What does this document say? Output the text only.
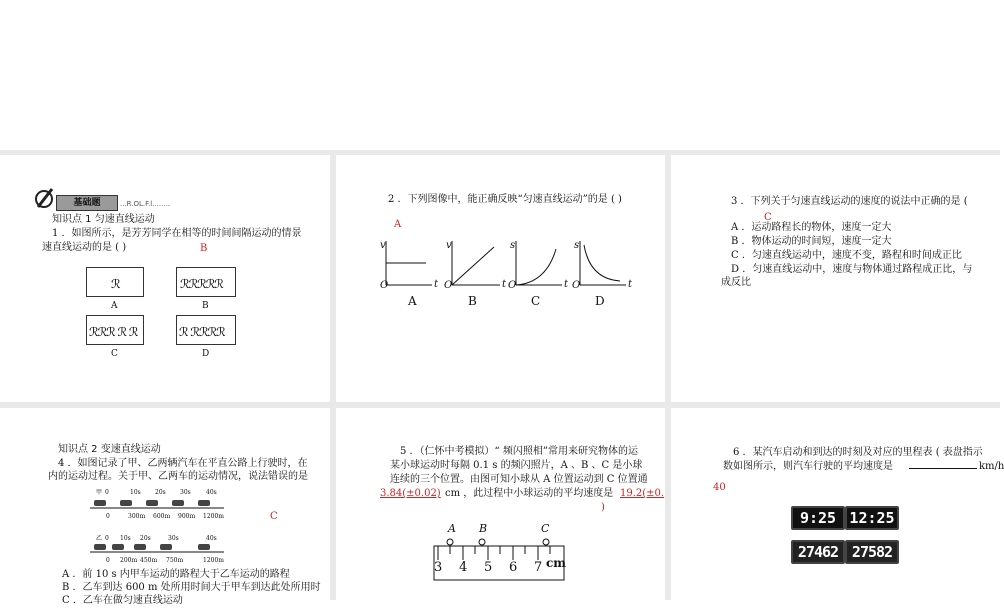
基础题	...R.OL.F.l........
知识点 1 匀速直线运动
1 ．如图所示，是芳芳同学在相等的时间间隔运动的情景
速直线运动的是 ( )	B
ℛ
A
ℛℛℛℛℛ
B
ℛℛℛ ℛ ℛ
C
ℛ ℛℛℛℛ
D
2 ．下列图像中，能正确反映“匀速直线运动”的是 ( )
A
v
t
O
v
t
O
s
t
O
s
t
O
A	B	C	D
3 ．下列关于匀速直线运动的速度的说法中正确的是 (
C
A ．运动路程长的物体，速度一定大
B ．物体运动的时间短，速度一定大
C ．匀速直线运动中，速度不变，路程和时间成正比
D ．匀速直线运动中，速度与物体通过路程成正比，与
成反比
知识点 2 变速直线运动
4 ．如图记录了甲、乙两辆汽车在平直公路上行驶时，在
内的运动过程。关于甲、乙两车的运动情况，说法错误的是
C
甲 0	10s 20s 30s	40s
0	300m 600m 900m 1200m
乙 0 10s 20s	30s	40s
0 200m 450m 750m	1200m
A ．前 10 s 内甲车运动的路程大于乙车运动的路程
B ．乙车到达 600 m 处所用时间大于甲车到达此处所用时
C ．乙车在做匀速直线运动
5 ．（仁怀中考模拟）“ 频闪照相”常用来研究物体的运
某小球运动时每隔 0.1 s 的频闪照片，A 、B 、C 是小球
连续的三个位置。由图可知小球从 A 位置运动到 C 位置通
3.84(±0.02) cm ，此过程中小球运动的平均速度是 19.2(±0.
)
A B	C
3 4 5 6 7 cm
6 ．某汽车启动和到达的时刻及对应的里程表 ( 表盘指示
数如图所示，则汽车行驶的平均速度是	km/h
40
9:25 12:25
27462 27582
